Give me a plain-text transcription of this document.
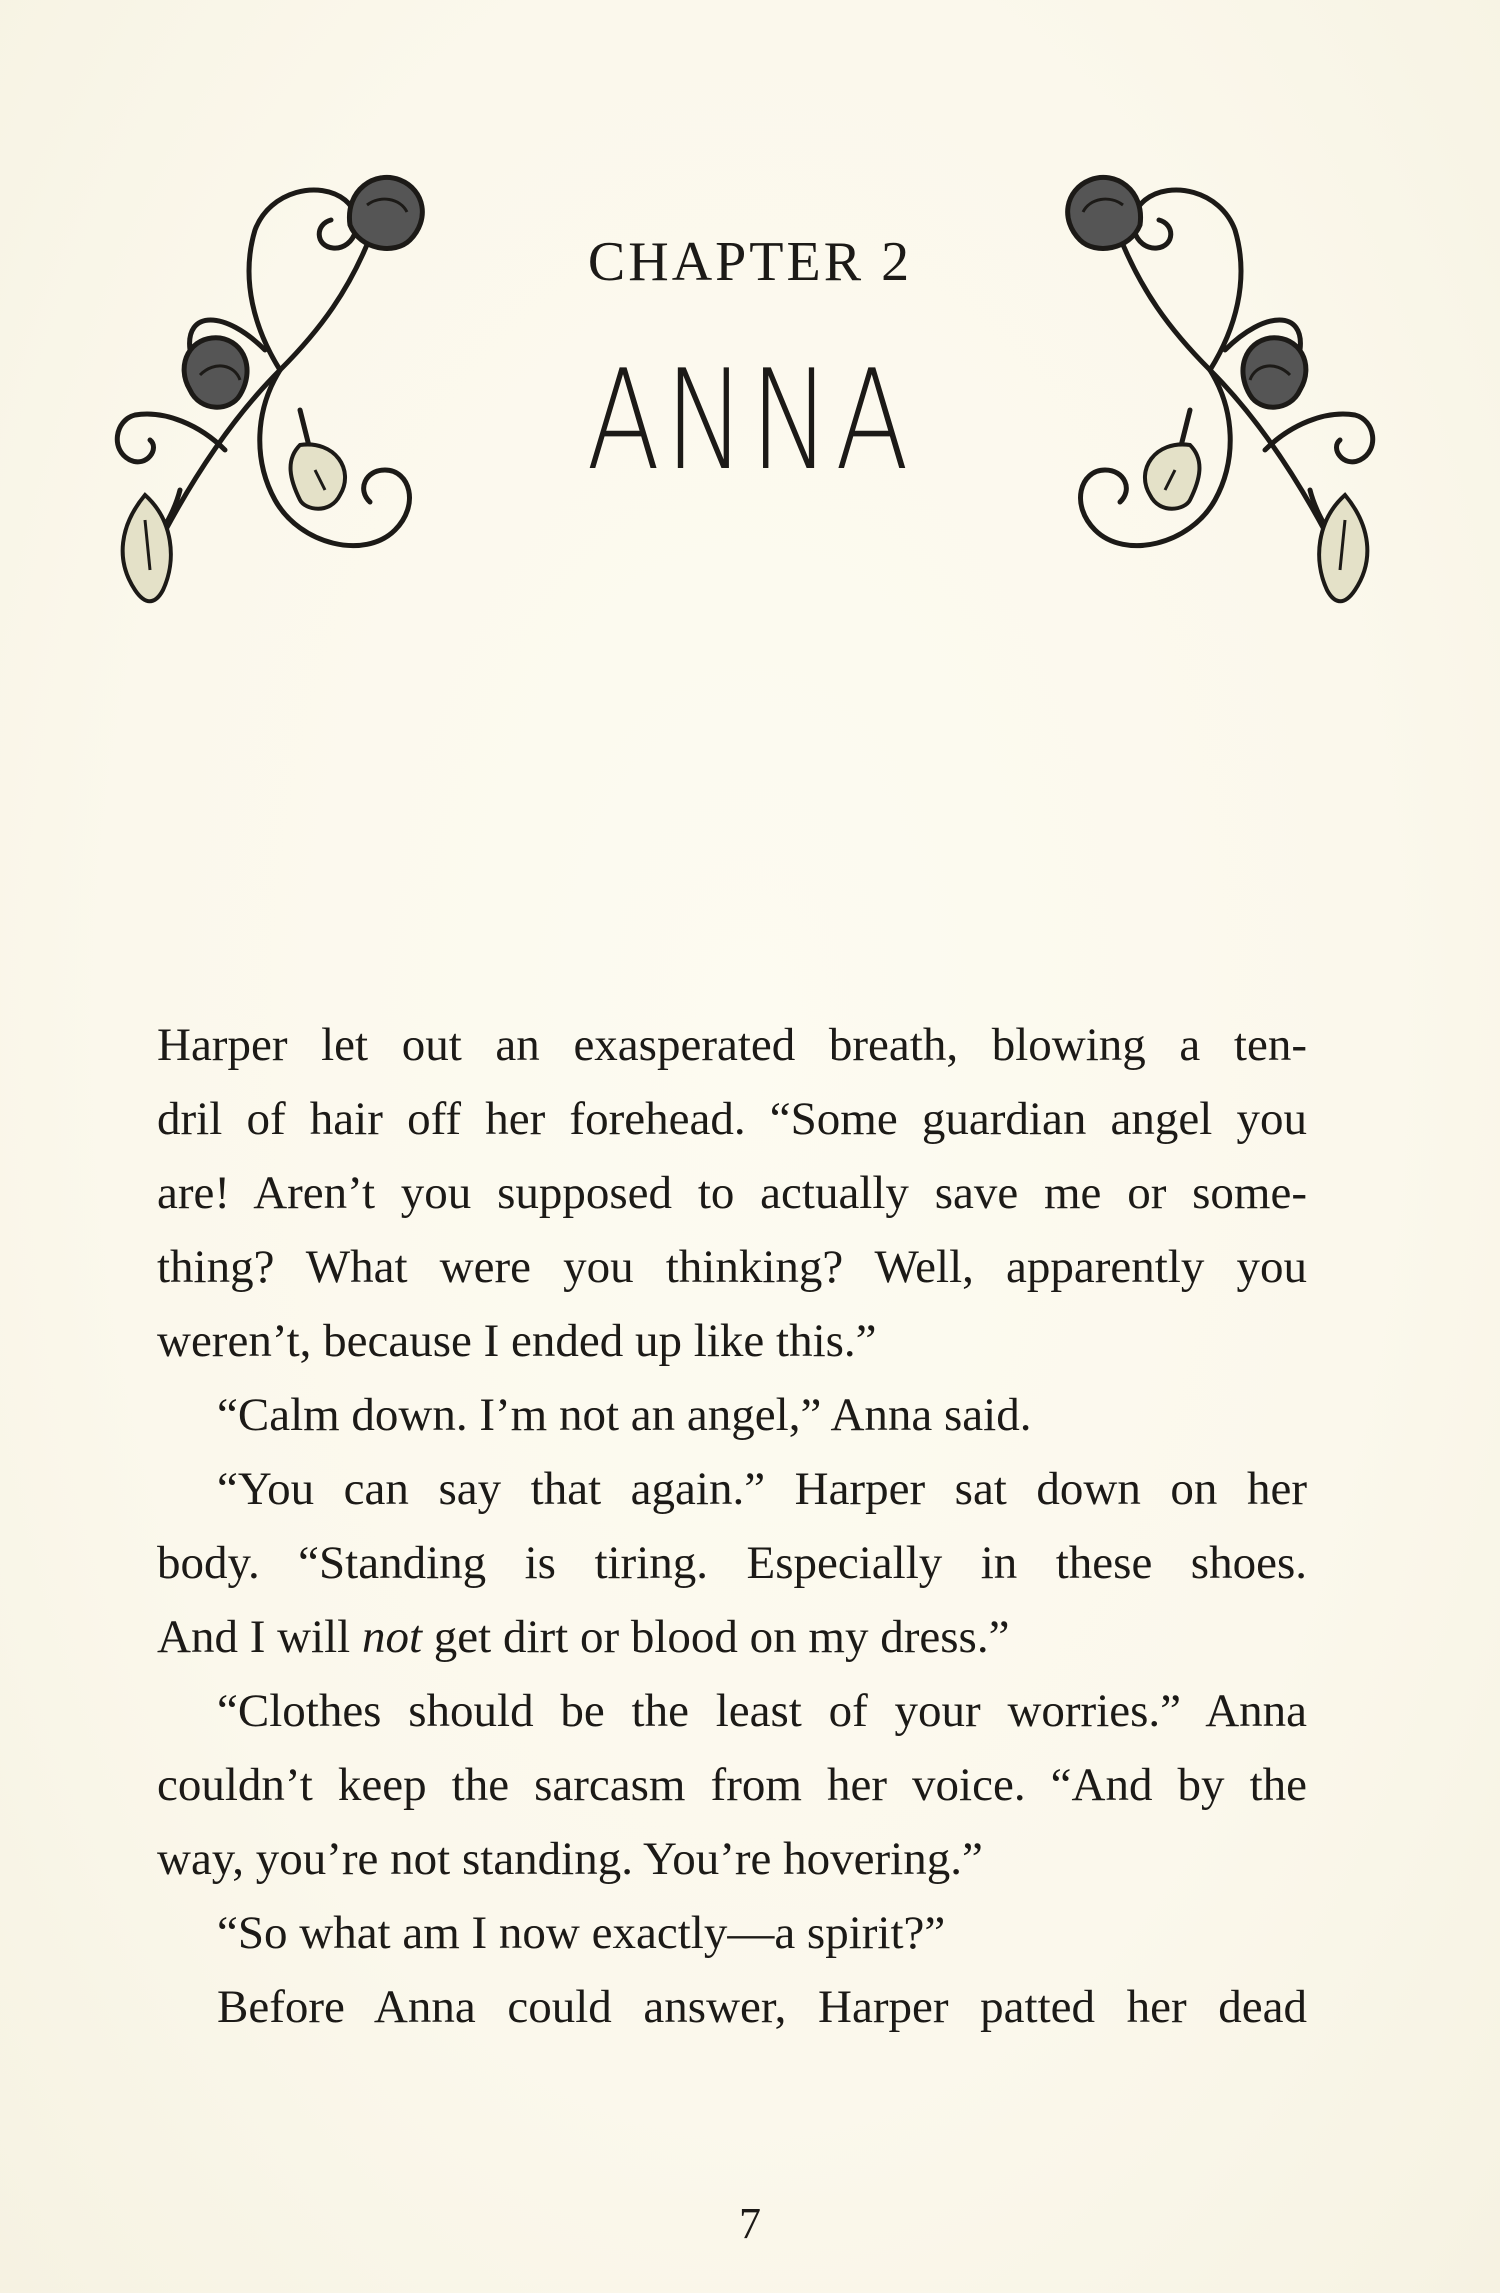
CHAPTER 2
ANNA
Harper let out an exasperated breath, blowing a ten-
dril of hair off her forehead. “Some guardian angel you
are! Aren’t you supposed to actually save me or some-
thing? What were you thinking? Well, apparently you
weren’t, because I ended up like this.”
“Calm down. I’m not an angel,” Anna said.
“You can say that again.” Harper sat down on her
body. “Standing is tiring. Especially in these shoes.
And I will not get dirt or blood on my dress.”
“Clothes should be the least of your worries.” Anna
couldn’t keep the sarcasm from her voice. “And by the
way, you’re not standing. You’re hovering.”
“So what am I now exactly—a spirit?”
Before Anna could answer, Harper patted her dead
7
